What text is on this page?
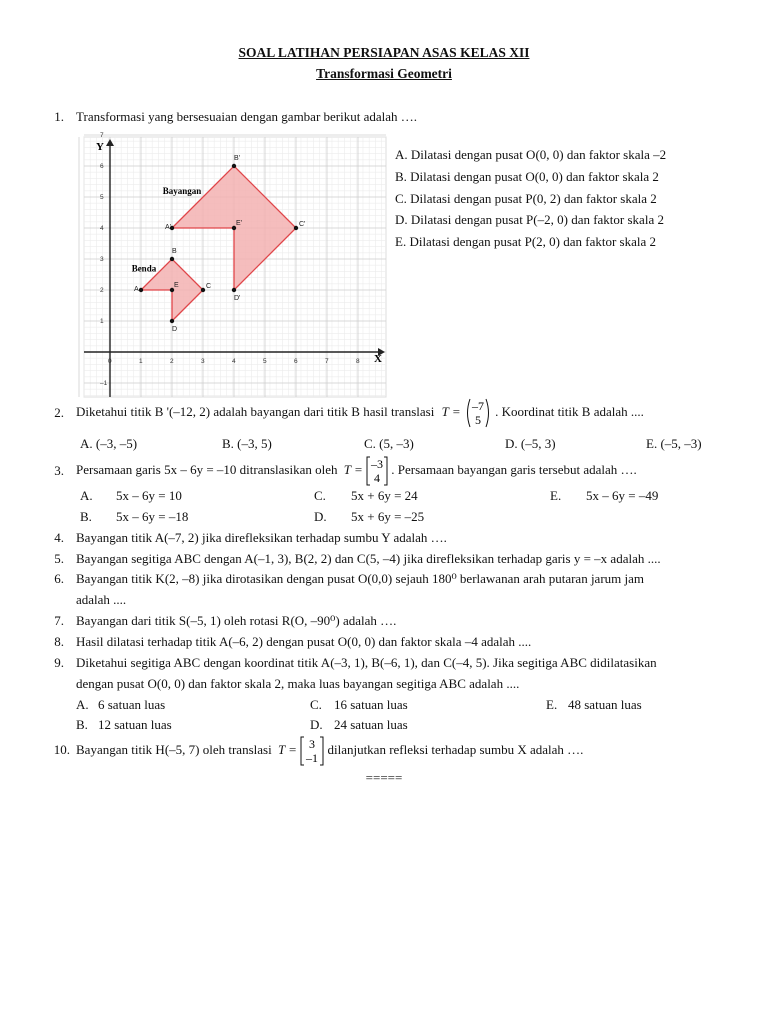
SOAL LATIHAN PERSIAPAN ASAS KELAS XII
Transformasi Geometri
1. Transformasi yang bersesuaian dengan gambar berikut adalah ….
0	1	2	3	4	5	6	7	8
–1
1
2
3
4
5
6
7
X
Y
A
B
C
D
E
A'
B'
C'
D'
E'
Benda
Bayangan
A. Dilatasi dengan pusat O(0, 0) dan faktor skala –2
B. Dilatasi dengan pusat O(0, 0) dan faktor skala 2
C. Dilatasi dengan pusat P(0, 2) dan faktor skala 2
D. Dilatasi dengan pusat P(–2, 0) dan faktor skala 2
E. Dilatasi dengan pusat P(2, 0) dan faktor skala 2
2. Diketahui titik B '(–12, 2) adalah bayangan dari titik B hasil translasi T = –7
5
. Koordinat titik B adalah ....
A. (–3, –5)	B. (–3, 5)	C. (5, –3)	D. (–5, 3)	E. (–5, –3)
3. Persamaan garis 5x – 6y = –10 ditranslasikan oleh T = –3
4
. Persamaan bayangan garis tersebut adalah ….
A. 5x – 6y = 10	C. 5x + 6y = 24	E. 5x – 6y = –49
B. 5x – 6y = –18	D. 5x + 6y = –25
4. Bayangan titik A(–7, 2) jika direfleksikan terhadap sumbu Y adalah ….
5. Bayangan segitiga ABC dengan A(–1, 3), B(2, 2) dan C(5, –4) jika direfleksikan terhadap garis y = –x adalah ....
6. Bayangan titik K(2, –8) jika dirotasikan dengan pusat O(0,0) sejauh 180⁰ berlawanan arah putaran jarum jam
adalah ....
7. Bayangan dari titik S(–5, 1) oleh rotasi R(O, –90⁰) adalah ….
8. Hasil dilatasi terhadap titik A(–6, 2) dengan pusat O(0, 0) dan faktor skala –4 adalah ....
9. Diketahui segitiga ABC dengan koordinat titik A(–3, 1), B(–6, 1), dan C(–4, 5). Jika segitiga ABC didilatasikan
dengan pusat O(0, 0) dan faktor skala 2, maka luas bayangan segitiga ABC adalah ....
A. 6 satuan luas	C. 16 satuan luas	E. 48 satuan luas
B. 12 satuan luas	D. 24 satuan luas
10. Bayangan titik H(–5, 7) oleh translasi T = 3
–1
dilanjutkan refleksi terhadap sumbu X adalah ….
=====
